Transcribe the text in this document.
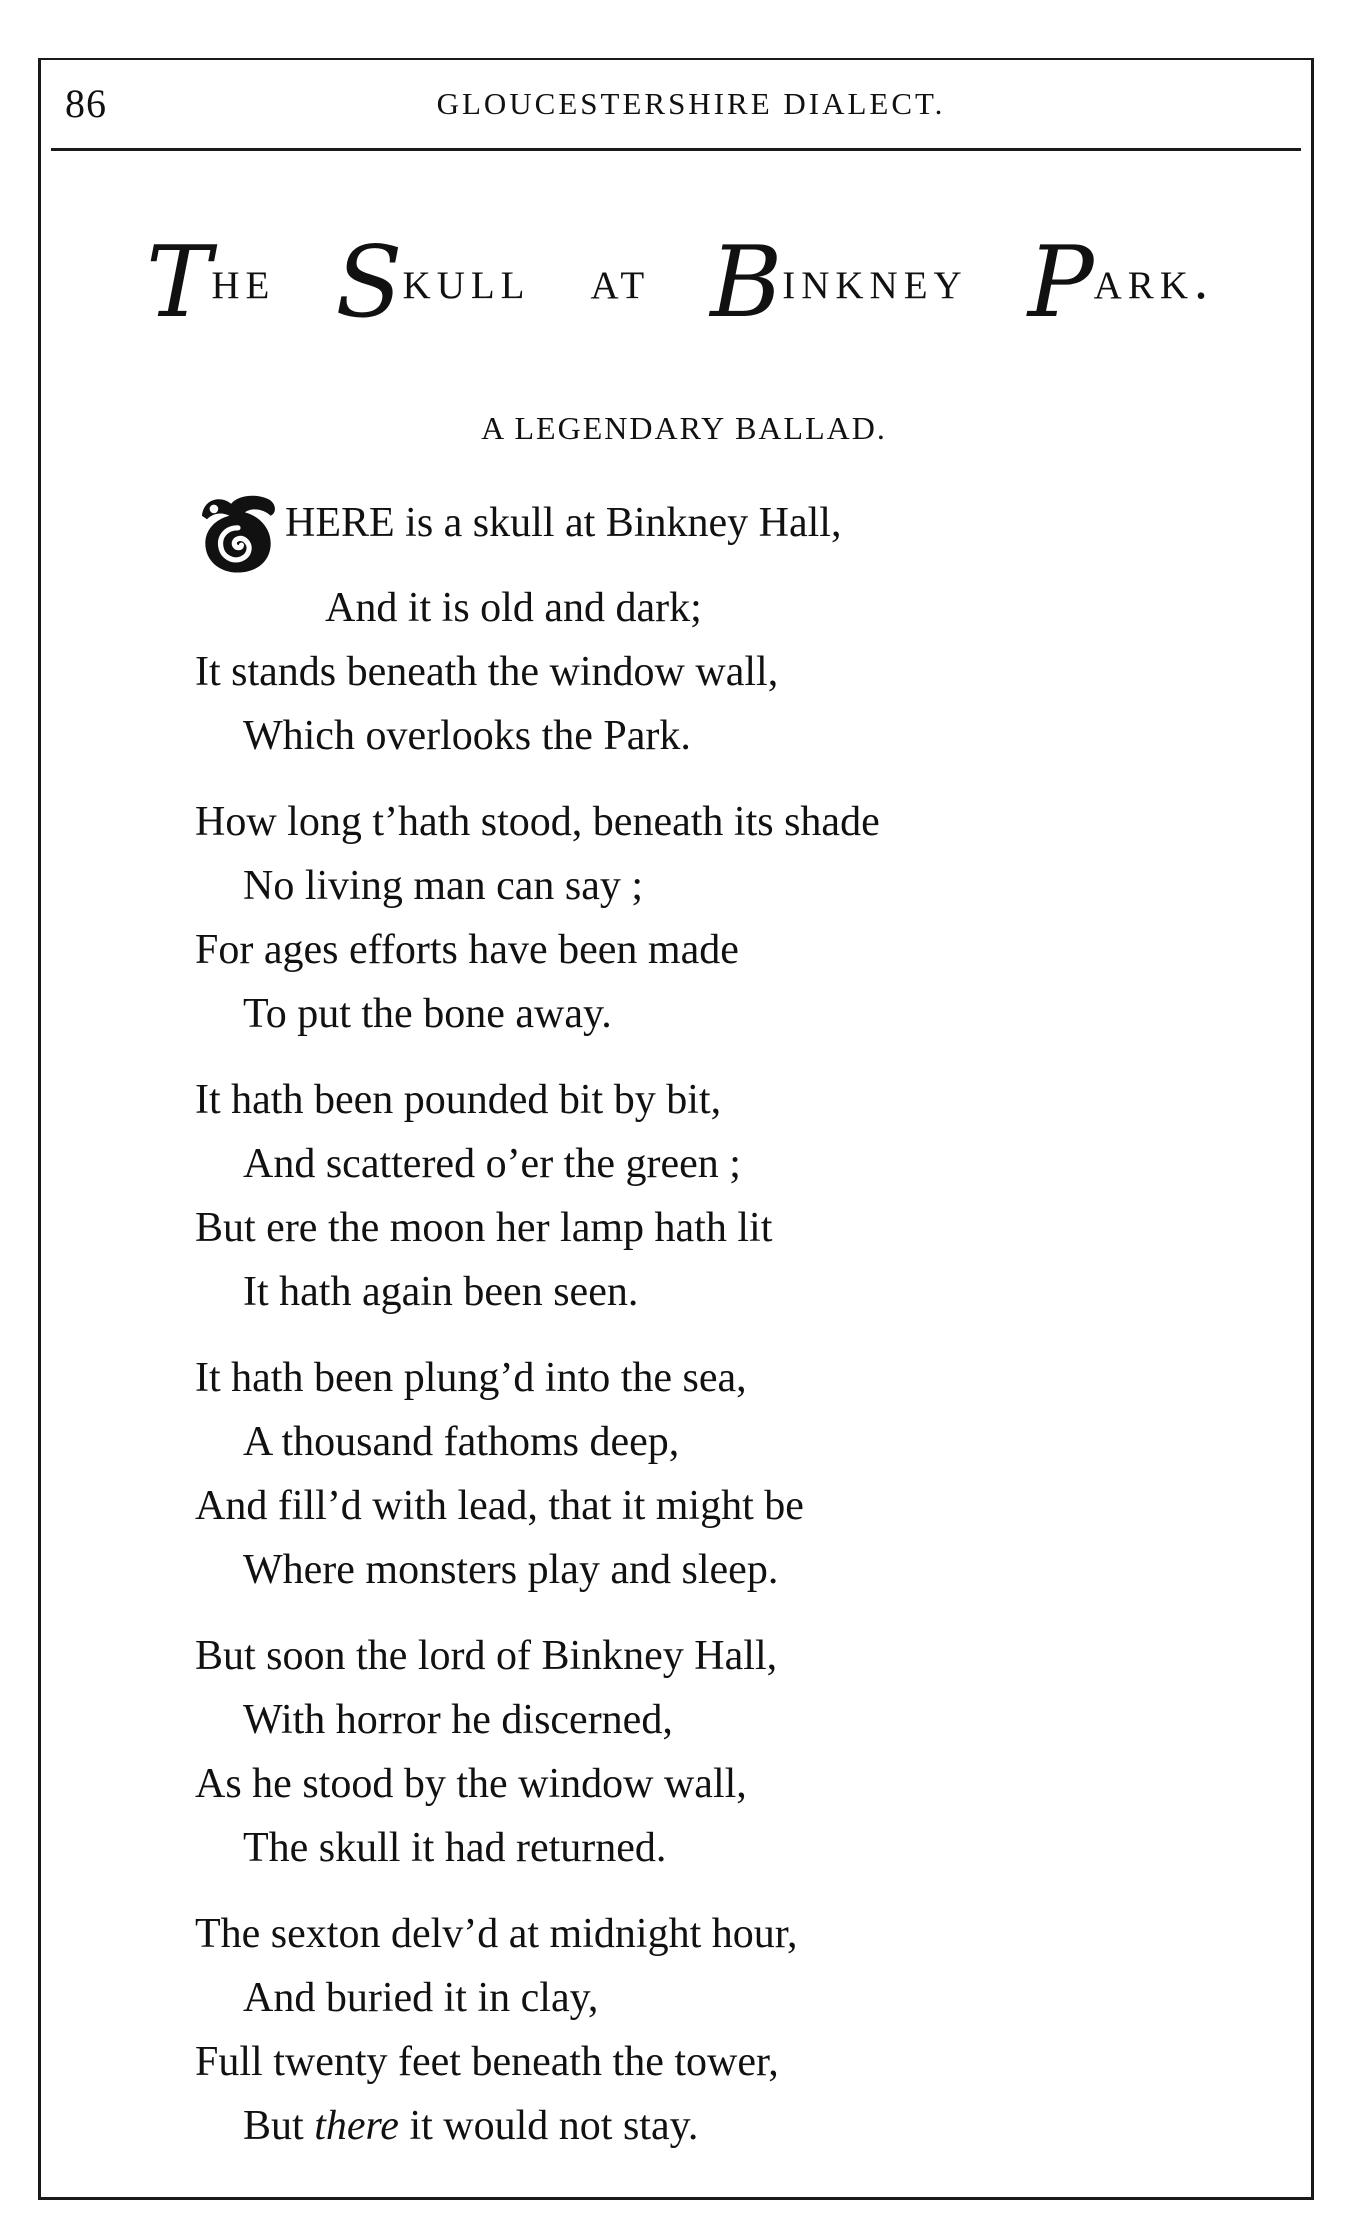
86	GLOUCESTERSHIRE DIALECT.
The Skull at Binkney Park.
A LEGENDARY BALLAD.
HERE is a skull at Binkney Hall,
And it is old and dark;
It stands beneath the window wall,
Which overlooks the Park.
How long t’hath stood, beneath its shade
No living man can say ;
For ages efforts have been made
To put the bone away.
It hath been pounded bit by bit,
And scattered o’er the green ;
But ere the moon her lamp hath lit
It hath again been seen.
It hath been plung’d into the sea,
A thousand fathoms deep,
And fill’d with lead, that it might be
Where monsters play and sleep.
But soon the lord of Binkney Hall,
With horror he discerned,
As he stood by the window wall,
The skull it had returned.
The sexton delv’d at midnight hour,
And buried it in clay,
Full twenty feet beneath the tower,
But there it would not stay.
